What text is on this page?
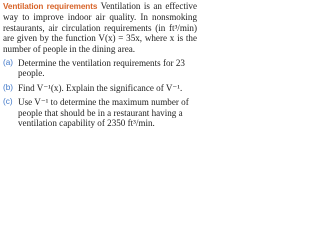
Ventilation requirements Ventilation is an effective way to improve indoor air quality. In nonsmoking restaurants, air circulation requirements (in ft³/min) are given by the function V(x) = 35x, where x is the number of people in the dining area.

(a) Determine the ventilation requirements for 23 people.
(b) Find V⁻¹(x). Explain the significance of V⁻¹.
(c) Use V⁻¹ to determine the maximum number of people that should be in a restaurant having a ventilation capability of 2350 ft³/min.
